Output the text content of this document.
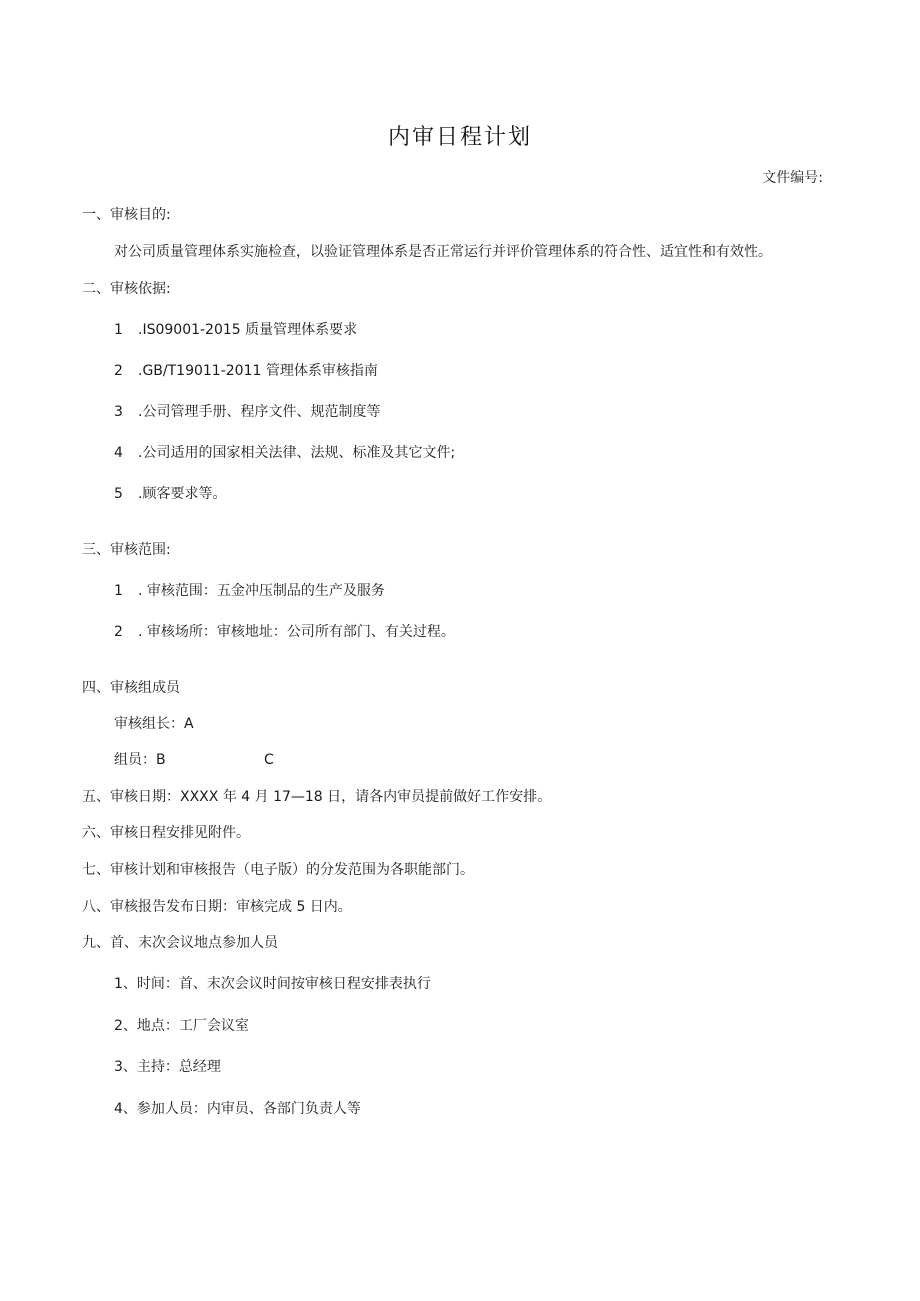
内审日程计划
文件编号:
一、审核目的:
对公司质量管理体系实施检查，以验证管理体系是否正常运行并评价管理体系的符合性、适宜性和有效性。
二、审核依据:
1 .IS09001-2015 质量管理体系要求
2 .GB/T19011-2011 管理体系审核指南
3 .公司管理手册、程序文件、规范制度等
4 .公司适用的国家相关法律、法规、标准及其它文件;
5 .顾客要求等。
三、审核范围:
1 . 审核范围：五金冲压制品的生产及服务
2 . 审核场所：审核地址：公司所有部门、有关过程。
四、审核组成员
审核组长：A
组员：B	C
五、审核日期：XXXX 年 4 月 17—18 日，请各内审员提前做好工作安排。
六、审核日程安排见附件。
七、审核计划和审核报告（电子版）的分发范围为各职能部门。
八、审核报告发布日期：审核完成 5 日内。
九、首、末次会议地点参加人员
1、时间：首、末次会议时间按审核日程安排表执行
2、地点：工厂会议室
3、主持：总经理
4、参加人员：内审员、各部门负责人等
